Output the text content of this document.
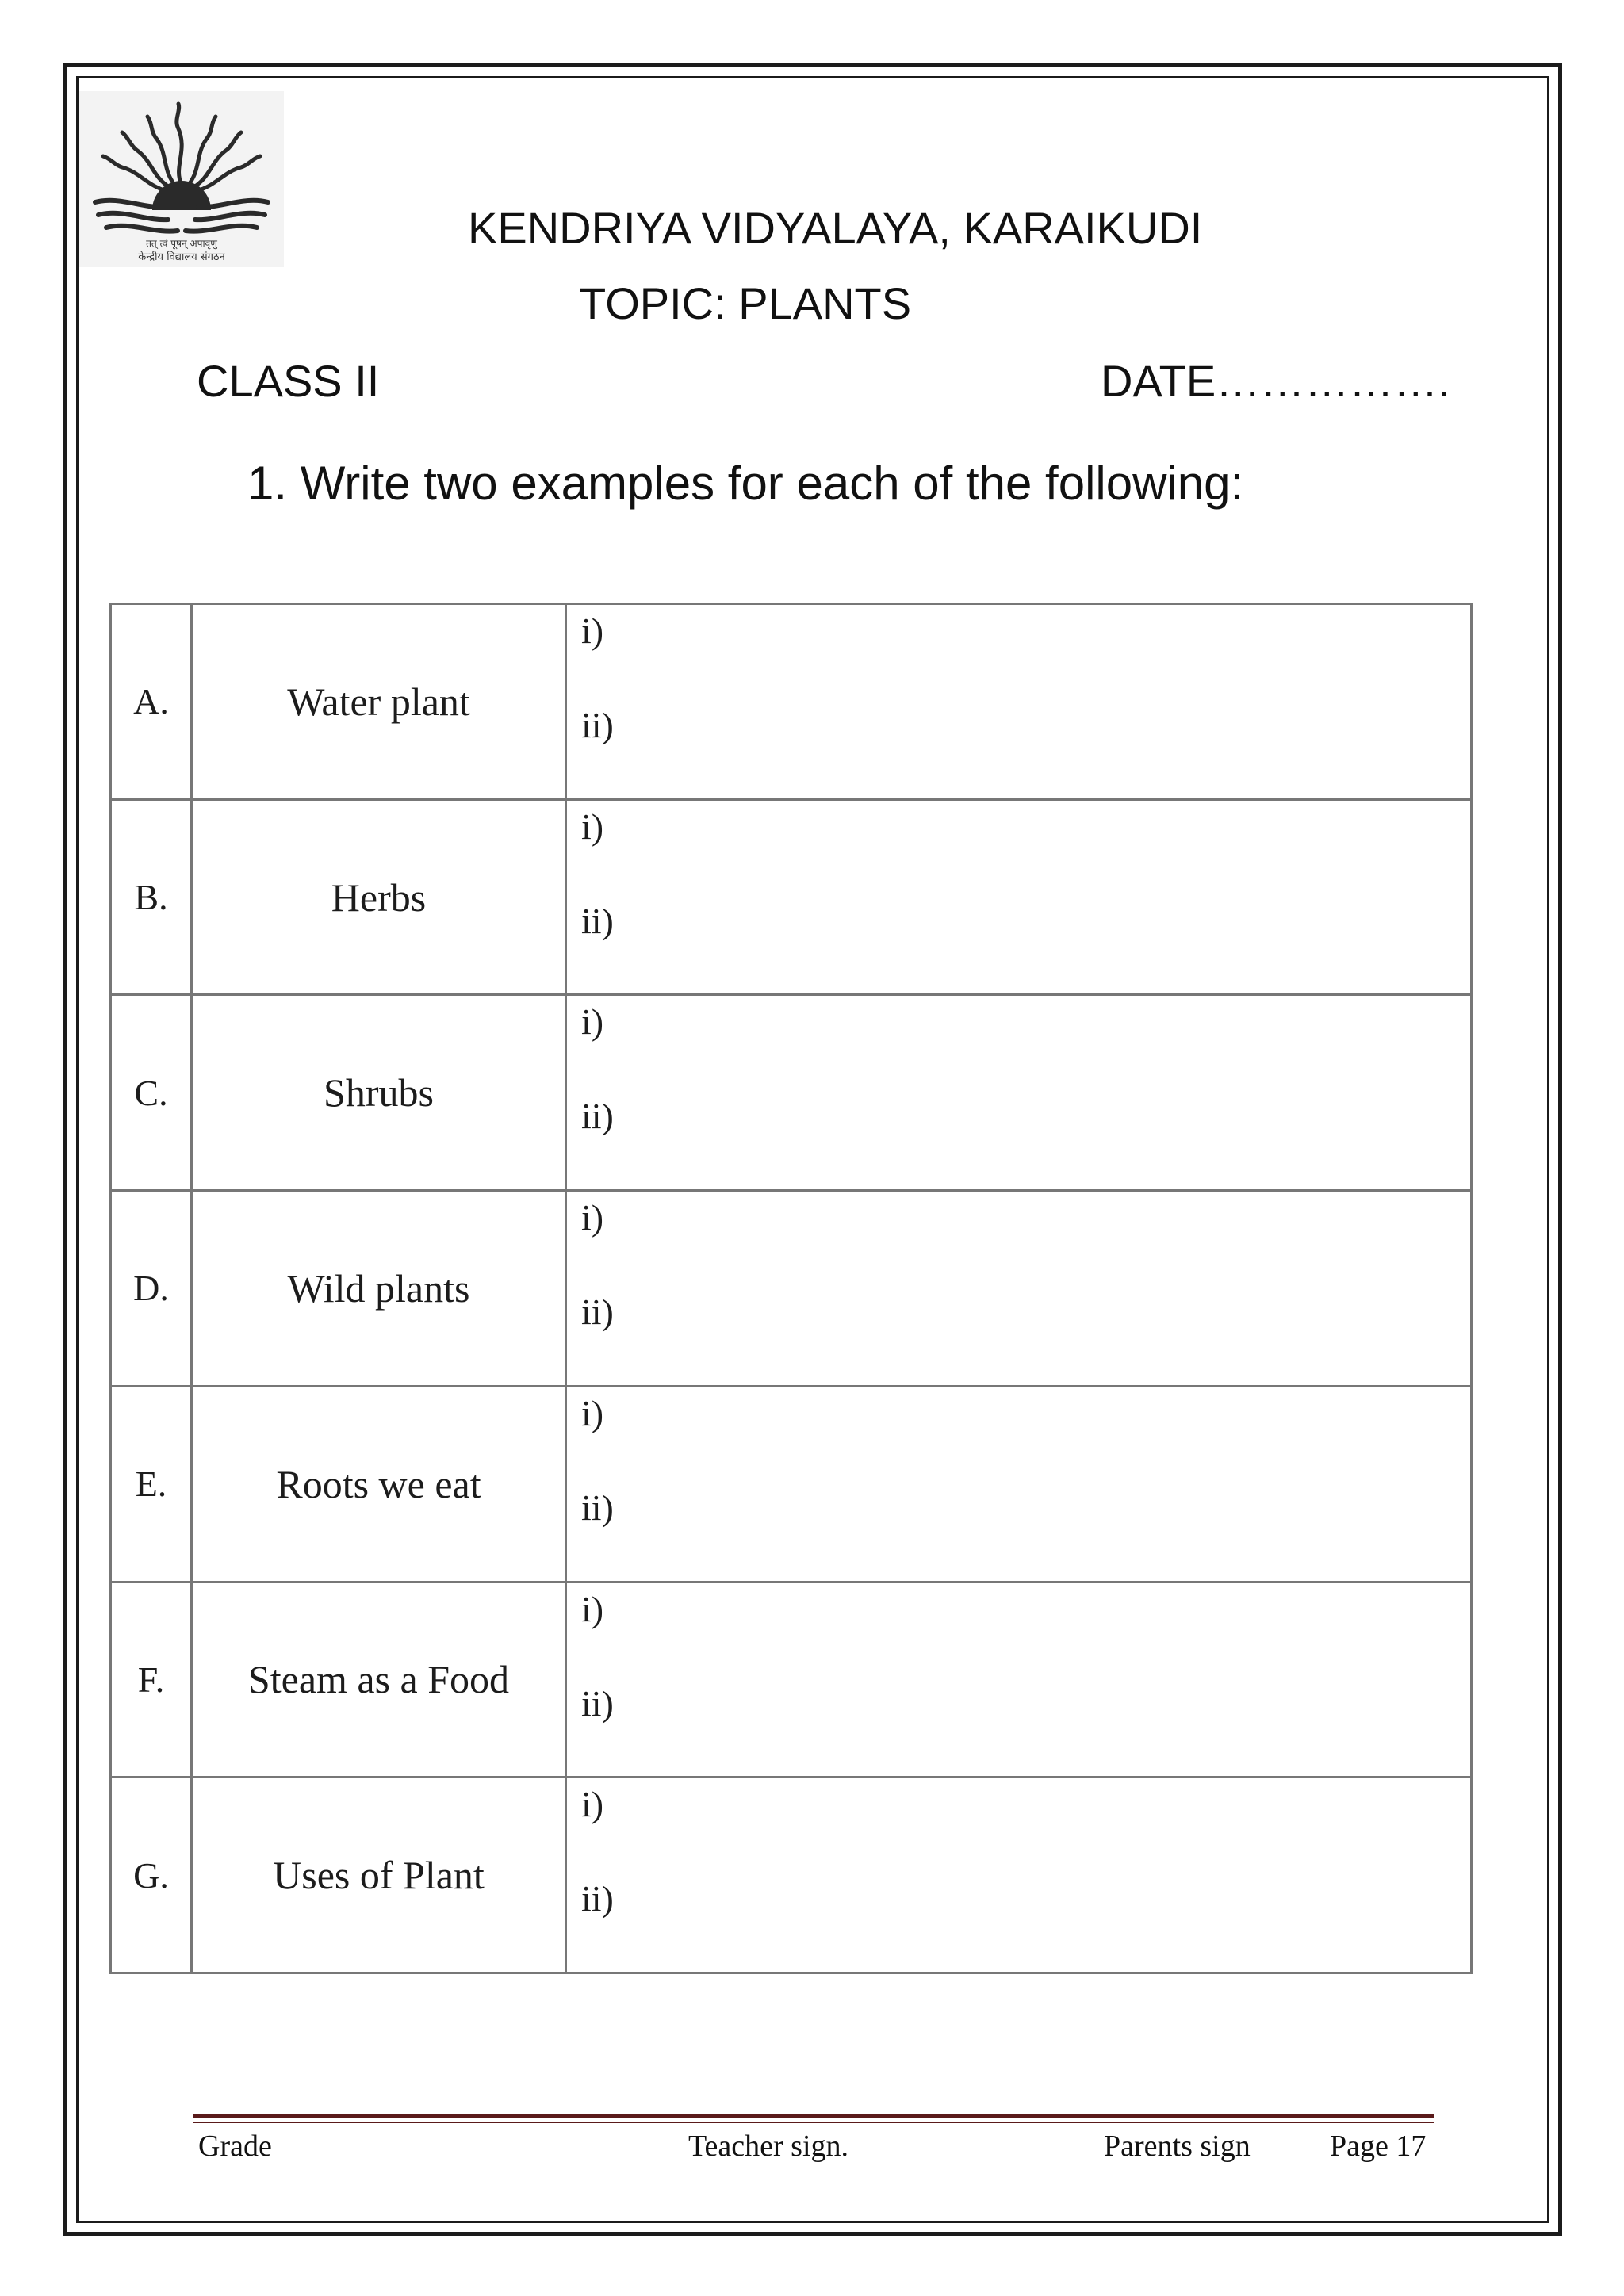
तत् त्वं पूषन् अपावृणु
केन्द्रीय विद्यालय संगठन
KENDRIYA VIDYALAYA, KARAIKUDI
TOPIC: PLANTS
CLASS II	DATE…………….
1. Write two examples for each of the following:
A.	Water plant	i)
ii)

B.	Herbs	i)
ii)

C.	Shrubs	i)
ii)

D.	Wild plants	i)
ii)

E.	Roots we eat	i)
ii)

F.	Steam as a Food	i)
ii)

G.	Uses of Plant	i)
ii)
Grade	Teacher sign.	Parents sign	Page 17
